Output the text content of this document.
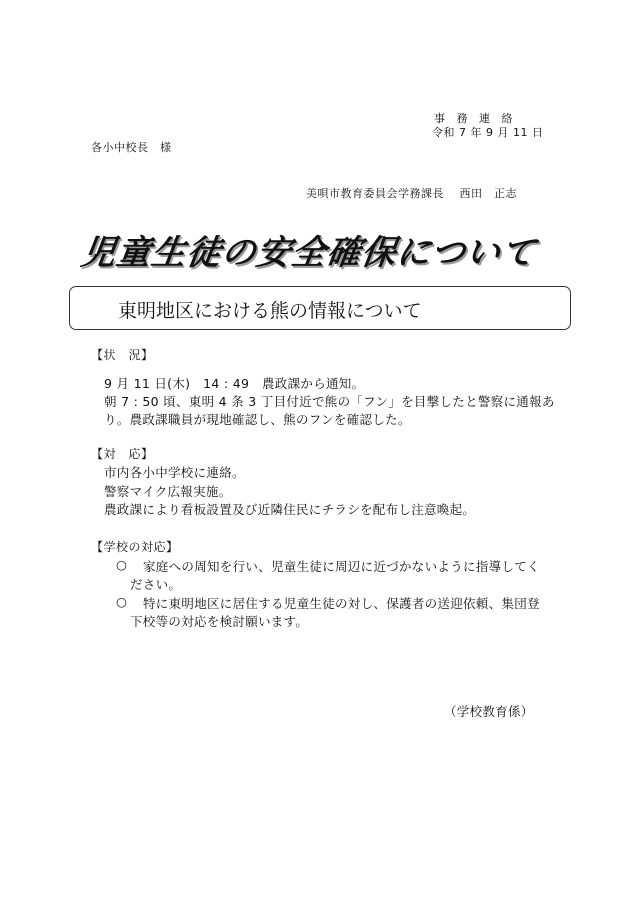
事 務 連 絡
令和 7 年 9 月 11 日
各小中校長　様
美唄市教育委員会学務課長　 西田　正志
児童生徒の安全確保について
東明地区における熊の情報について
【状　況】
9 月 11 日(木)　14 : 49　農政課から通知。
朝 7 : 50 頃、東明 4 条 3 丁目付近で熊の「フン」を目撃したと警察に通報あ
り。農政課職員が現地確認し、熊のフンを確認した。
【対　応】
市内各小中学校に連絡。
警察マイク広報実施。
農政課により看板設置及び近隣住民にチラシを配布し注意喚起。
【学校の対応】
○ 家庭への周知を行い、児童生徒に周辺に近づかないように指導してく
ださい。
○ 特に東明地区に居住する児童生徒の対し、保護者の送迎依頼、集団登
下校等の対応を検討願います。
（学校教育係）
